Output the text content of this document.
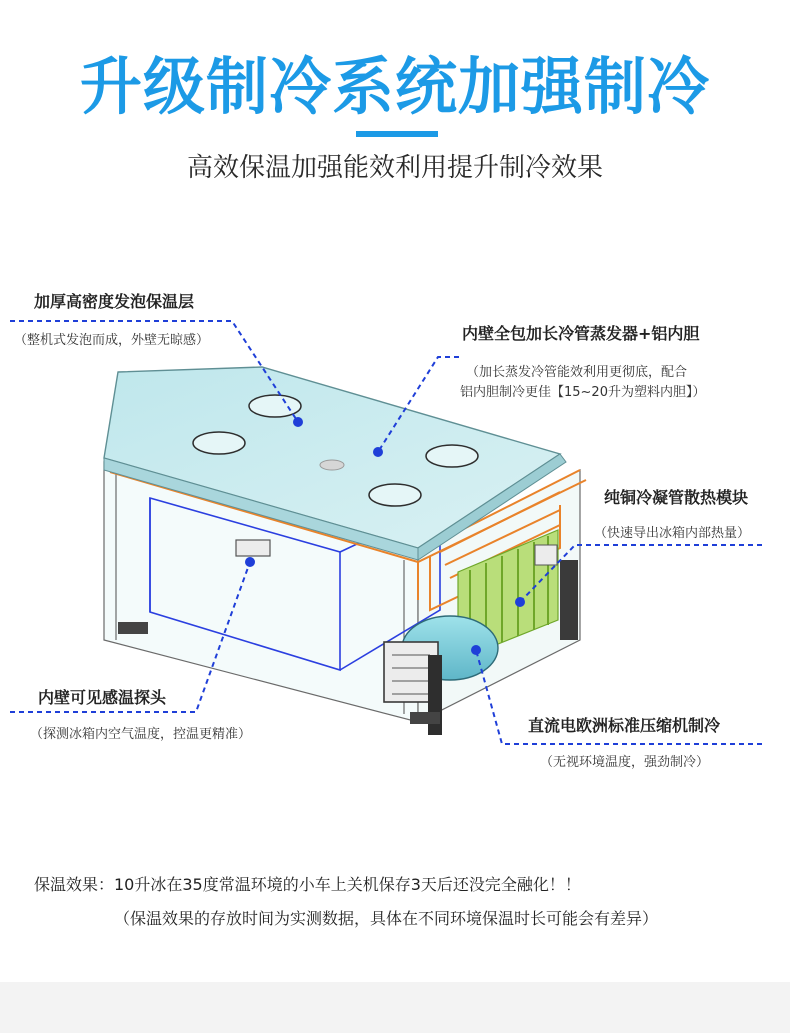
升级制冷系统加强制冷
高效保温加强能效利用提升制冷效果
加厚高密度发泡保温层
（整机式发泡而成，外壁无晾感）	内壁全包加长冷管蒸发器+铝内胆
（加长蒸发冷管能效利用更彻底，配合
铝内胆制冷更佳【15~20升为塑料内胆】）
纯铜冷凝管散热模块
（快速导出冰箱内部热量）
内壁可见感温探头
（探测冰箱内空气温度，控温更精准）	直流电欧洲标准压缩机制冷
（无视环境温度，强劲制冷）
保温效果：10升冰在35度常温环境的小车上关机保存3天后还没完全融化！！
（保温效果的存放时间为实测数据，具体在不同环境保温时长可能会有差异）
